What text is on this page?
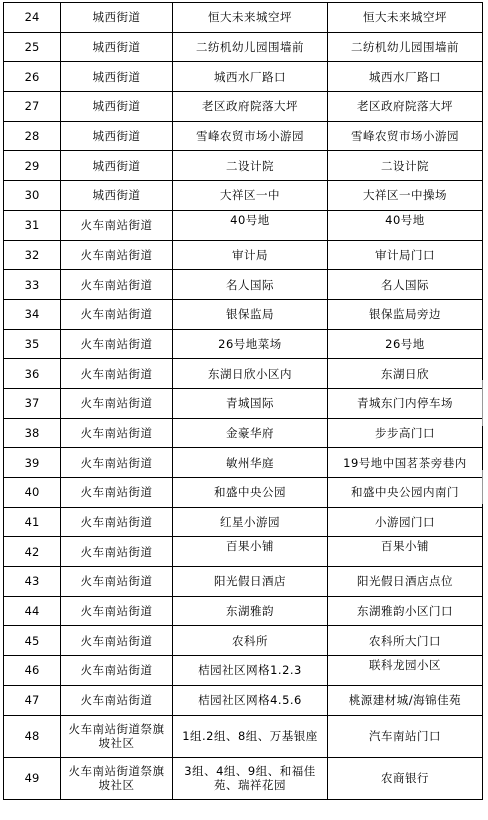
24	城西街道	恒大未来城空坪	恒大未来城空坪
25	城西街道	二纺机幼儿园围墙前	二纺机幼儿园围墙前
26	城西街道	城西水厂路口	城西水厂路口
27	城西街道	老区政府院落大坪	老区政府院落大坪
28	城西街道	雪峰农贸市场小游园	雪峰农贸市场小游园
29	城西街道	二设计院	二设计院
30	城西街道	大祥区一中	大祥区一中操场
31	火车南站街道	40号地	40号地
32	火车南站街道	审计局	审计局门口
33	火车南站街道	名人国际	名人国际
34	火车南站街道	银保监局	银保监局旁边
35	火车南站街道	26号地菜场	26号地
36	火车南站街道	东湖日欣小区内	东湖日欣
37	火车南站街道	青城国际	青城东门内停车场
38	火车南站街道	金豪华府	步步高门口
39	火车南站街道	敏州华庭	19号地中国茗茶旁巷内
40	火车南站街道	和盛中央公园	和盛中央公园内南门
41	火车南站街道	红星小游园	小游园门口
42	火车南站街道	百果小铺	百果小铺
43	火车南站街道	阳光假日酒店	阳光假日酒店点位
44	火车南站街道	东湖雅韵	东湖雅韵小区门口
45	火车南站街道	农科所	农科所大门口
46	火车南站街道	桔园社区网格1.2.3	联科龙园小区
47	火车南站街道	桔园社区网格4.5.6	桃源建材城/海锦佳苑
48	火车南站街道祭旗坡社区	1组.2组、8组、万基银座	汽车南站门口
49	火车南站街道祭旗坡社区	3组、4组、9组、和福佳苑、瑞祥花园	农商银行
